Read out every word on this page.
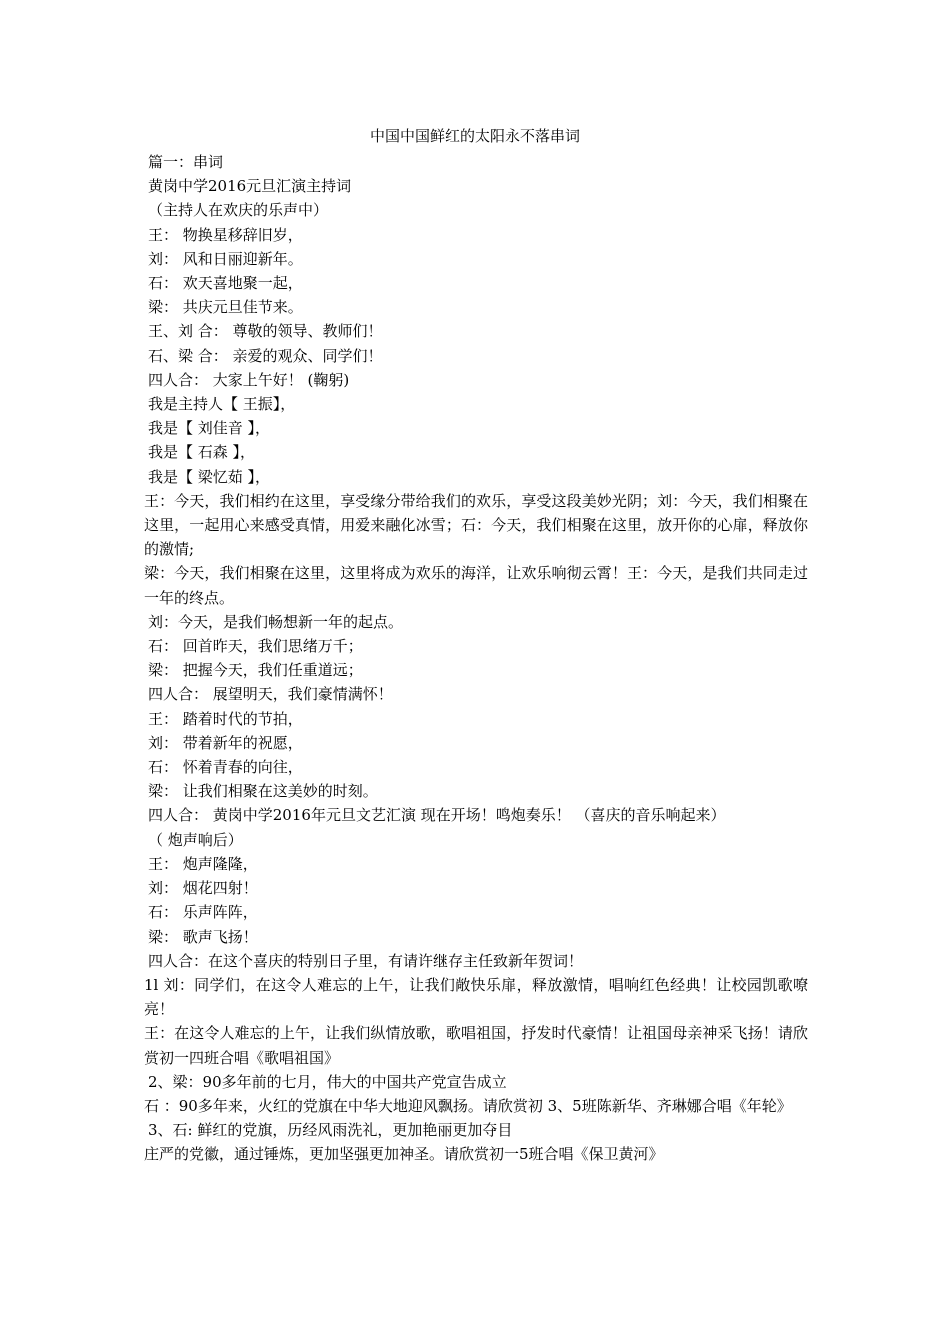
中国中国鲜红的太阳永不落串词

篇一：串词

黄岗中学2016元旦汇演主持词

（主持人在欢庆的乐声中）

王： 物换星移辞旧岁，

刘： 风和日丽迎新年。

石： 欢天喜地聚一起，

梁： 共庆元旦佳节来。

王、刘 合： 尊敬的领导、教师们！

石、梁 合： 亲爱的观众、同学们！

四人合： 大家上午好！ (鞠躬)

我是主持人【 王振】，

我是【 刘佳音 】，

我是【 石森 】，

我是【 梁忆茹 】，

王：今天，我们相约在这里，享受缘分带给我们的欢乐，享受这段美妙光阴；刘：今天，我们相聚在这里，一起用心来感受真情，用爱来融化冰雪；石：今天，我们相聚在这里，放开你的心扉，释放你的激情;

梁：今天，我们相聚在这里，这里将成为欢乐的海洋，让欢乐响彻云霄！王：今天，是我们共同走过一年的终点。

刘：今天，是我们畅想新一年的起点。

石： 回首昨天，我们思绪万千；

梁： 把握今天，我们任重道远；

四人合： 展望明天，我们豪情满怀！

王： 踏着时代的节拍，

刘： 带着新年的祝愿，

石： 怀着青春的向往，

梁： 让我们相聚在这美妙的时刻。

四人合： 黄岗中学2016年元旦文艺汇演 现在开场！鸣炮奏乐！ （喜庆的音乐响起来）

（ 炮声响后）

王： 炮声隆隆，

刘： 烟花四射！

石： 乐声阵阵，

梁： 歌声飞扬！

四人合：在这个喜庆的特别日子里，有请许继存主任致新年贺词！

1l 刘：同学们，在这令人难忘的上午，让我们敞快乐扉，释放激情，唱响红色经典！让校园凯歌嘹亮！

王：在这令人难忘的上午，让我们纵情放歌，歌唱祖国，抒发时代豪情！让祖国母亲神采飞扬！请欣赏初一四班合唱《歌唱祖国》

2、梁：90多年前的七月，伟大的中国共产党宣告成立

石 ：90多年来，火红的党旗在中华大地迎风飘扬。请欣赏初 3、5班陈新华、齐琳娜合唱《年轮》

3、石: 鲜红的党旗，历经风雨洗礼，更加艳丽更加夺目

庄严的党徽，通过锤炼，更加坚强更加神圣。请欣赏初一5班合唱《保卫黄河》
